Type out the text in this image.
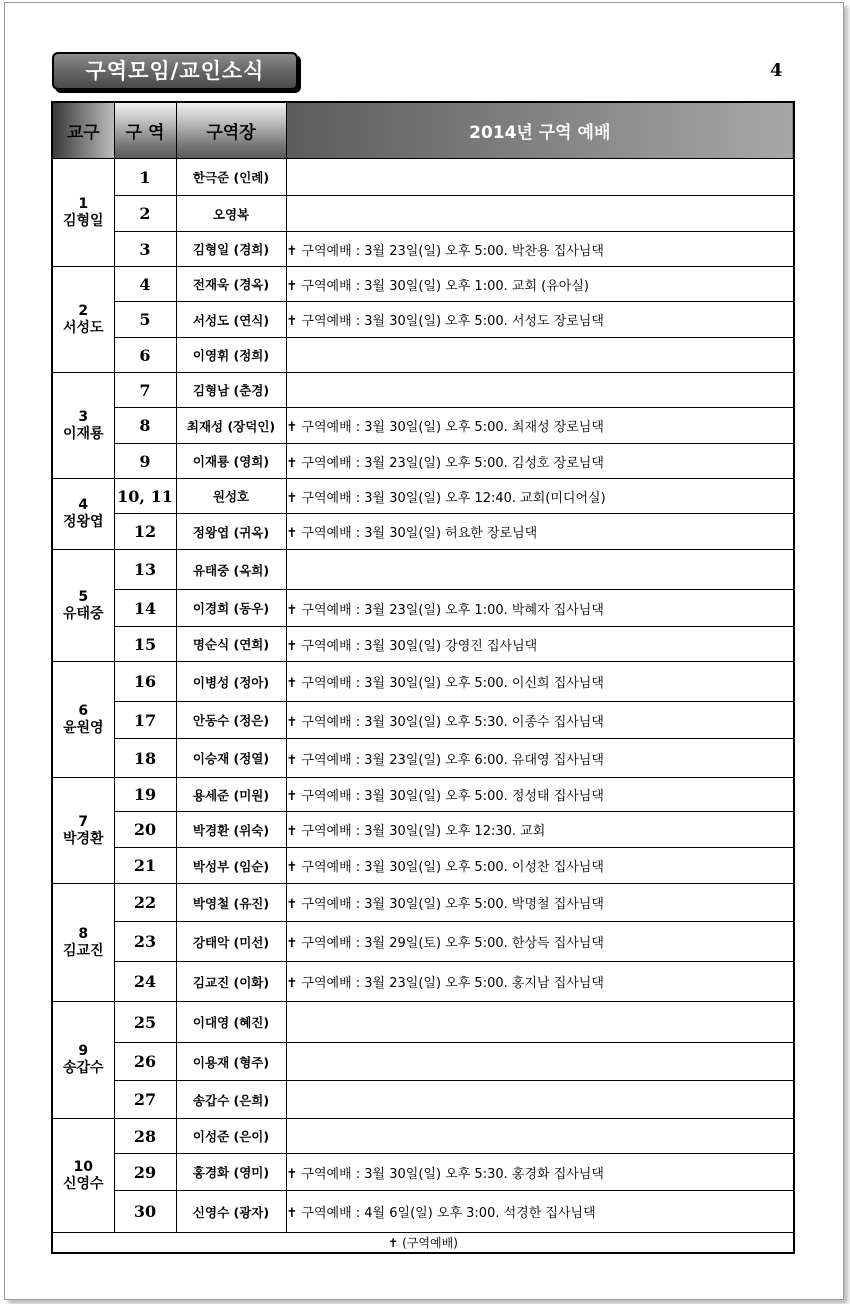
구역모임/교인소식	4
교구	구 역	구역장	2014년 구역 예배

1
김형일	1	한극준 (인례)	
	2	오영복	
	3	김형일 (경희)	✝ 구역예배 : 3월 23일(일) 오후 5:00. 박찬용 집사님댁

2
서성도	4	전재욱 (경옥)	✝ 구역예배 : 3월 30일(일) 오후 1:00. 교회 (유아실)
	5	서성도 (연식)	✝ 구역예배 : 3월 30일(일) 오후 5:00. 서성도 장로님댁
	6	이영휘 (정희)	

3
이재룡	7	김형남 (춘경)	
	8	최재성 (장덕인)	✝ 구역예배 : 3월 30일(일) 오후 5:00. 최재성 장로님댁
	9	이재룡 (영희)	✝ 구역예배 : 3월 23일(일) 오후 5:00. 김성호 장로님댁

4
정왕엽	10, 11	원성호	✝ 구역예배 : 3월 30일(일) 오후 12:40. 교회(미디어실)
	12	정왕엽 (귀옥)	✝ 구역예배 : 3월 30일(일) 허요한 장로님댁

5
유태중	13	유태중 (옥희)	
	14	이경희 (동우)	✝ 구역예배 : 3월 23일(일) 오후 1:00. 박혜자 집사님댁
	15	명순식 (연희)	✝ 구역예배 : 3월 30일(일) 강영진 집사님댁

6
윤원영	16	이병성 (정아)	✝ 구역예배 : 3월 30일(일) 오후 5:00. 이신희 집사님댁
	17	안동수 (정은)	✝ 구역예배 : 3월 30일(일) 오후 5:30. 이종수 집사님댁
	18	이승재 (정열)	✝ 구역예배 : 3월 23일(일) 오후 6:00. 유대영 집사님댁

7
박경환	19	용세준 (미원)	✝ 구역예배 : 3월 30일(일) 오후 5:00. 정성태 집사님댁
	20	박경환 (위숙)	✝ 구역예배 : 3월 30일(일) 오후 12:30. 교회
	21	박성부 (임순)	✝ 구역예배 : 3월 30일(일) 오후 5:00. 이성찬 집사님댁

8
김교진	22	박영철 (유진)	✝ 구역예배 : 3월 30일(일) 오후 5:00. 박명철 집사님댁
	23	강태악 (미선)	✝ 구역예배 : 3월 29일(토) 오후 5:00. 한상득 집사님댁
	24	김교진 (이화)	✝ 구역예배 : 3월 23일(일) 오후 5:00. 홍지남 집사님댁

9
송갑수	25	이대영 (혜진)	
	26	이용재 (형주)	
	27	송갑수 (은희)	

10
신영수	28	이성준 (은이)	
	29	홍경화 (영미)	✝ 구역예배 : 3월 30일(일) 오후 5:30. 홍경화 집사님댁
	30	신영수 (광자)	✝ 구역예배 : 4월 6일(일) 오후 3:00. 석경한 집사님댁
✝ (구역예배)			
